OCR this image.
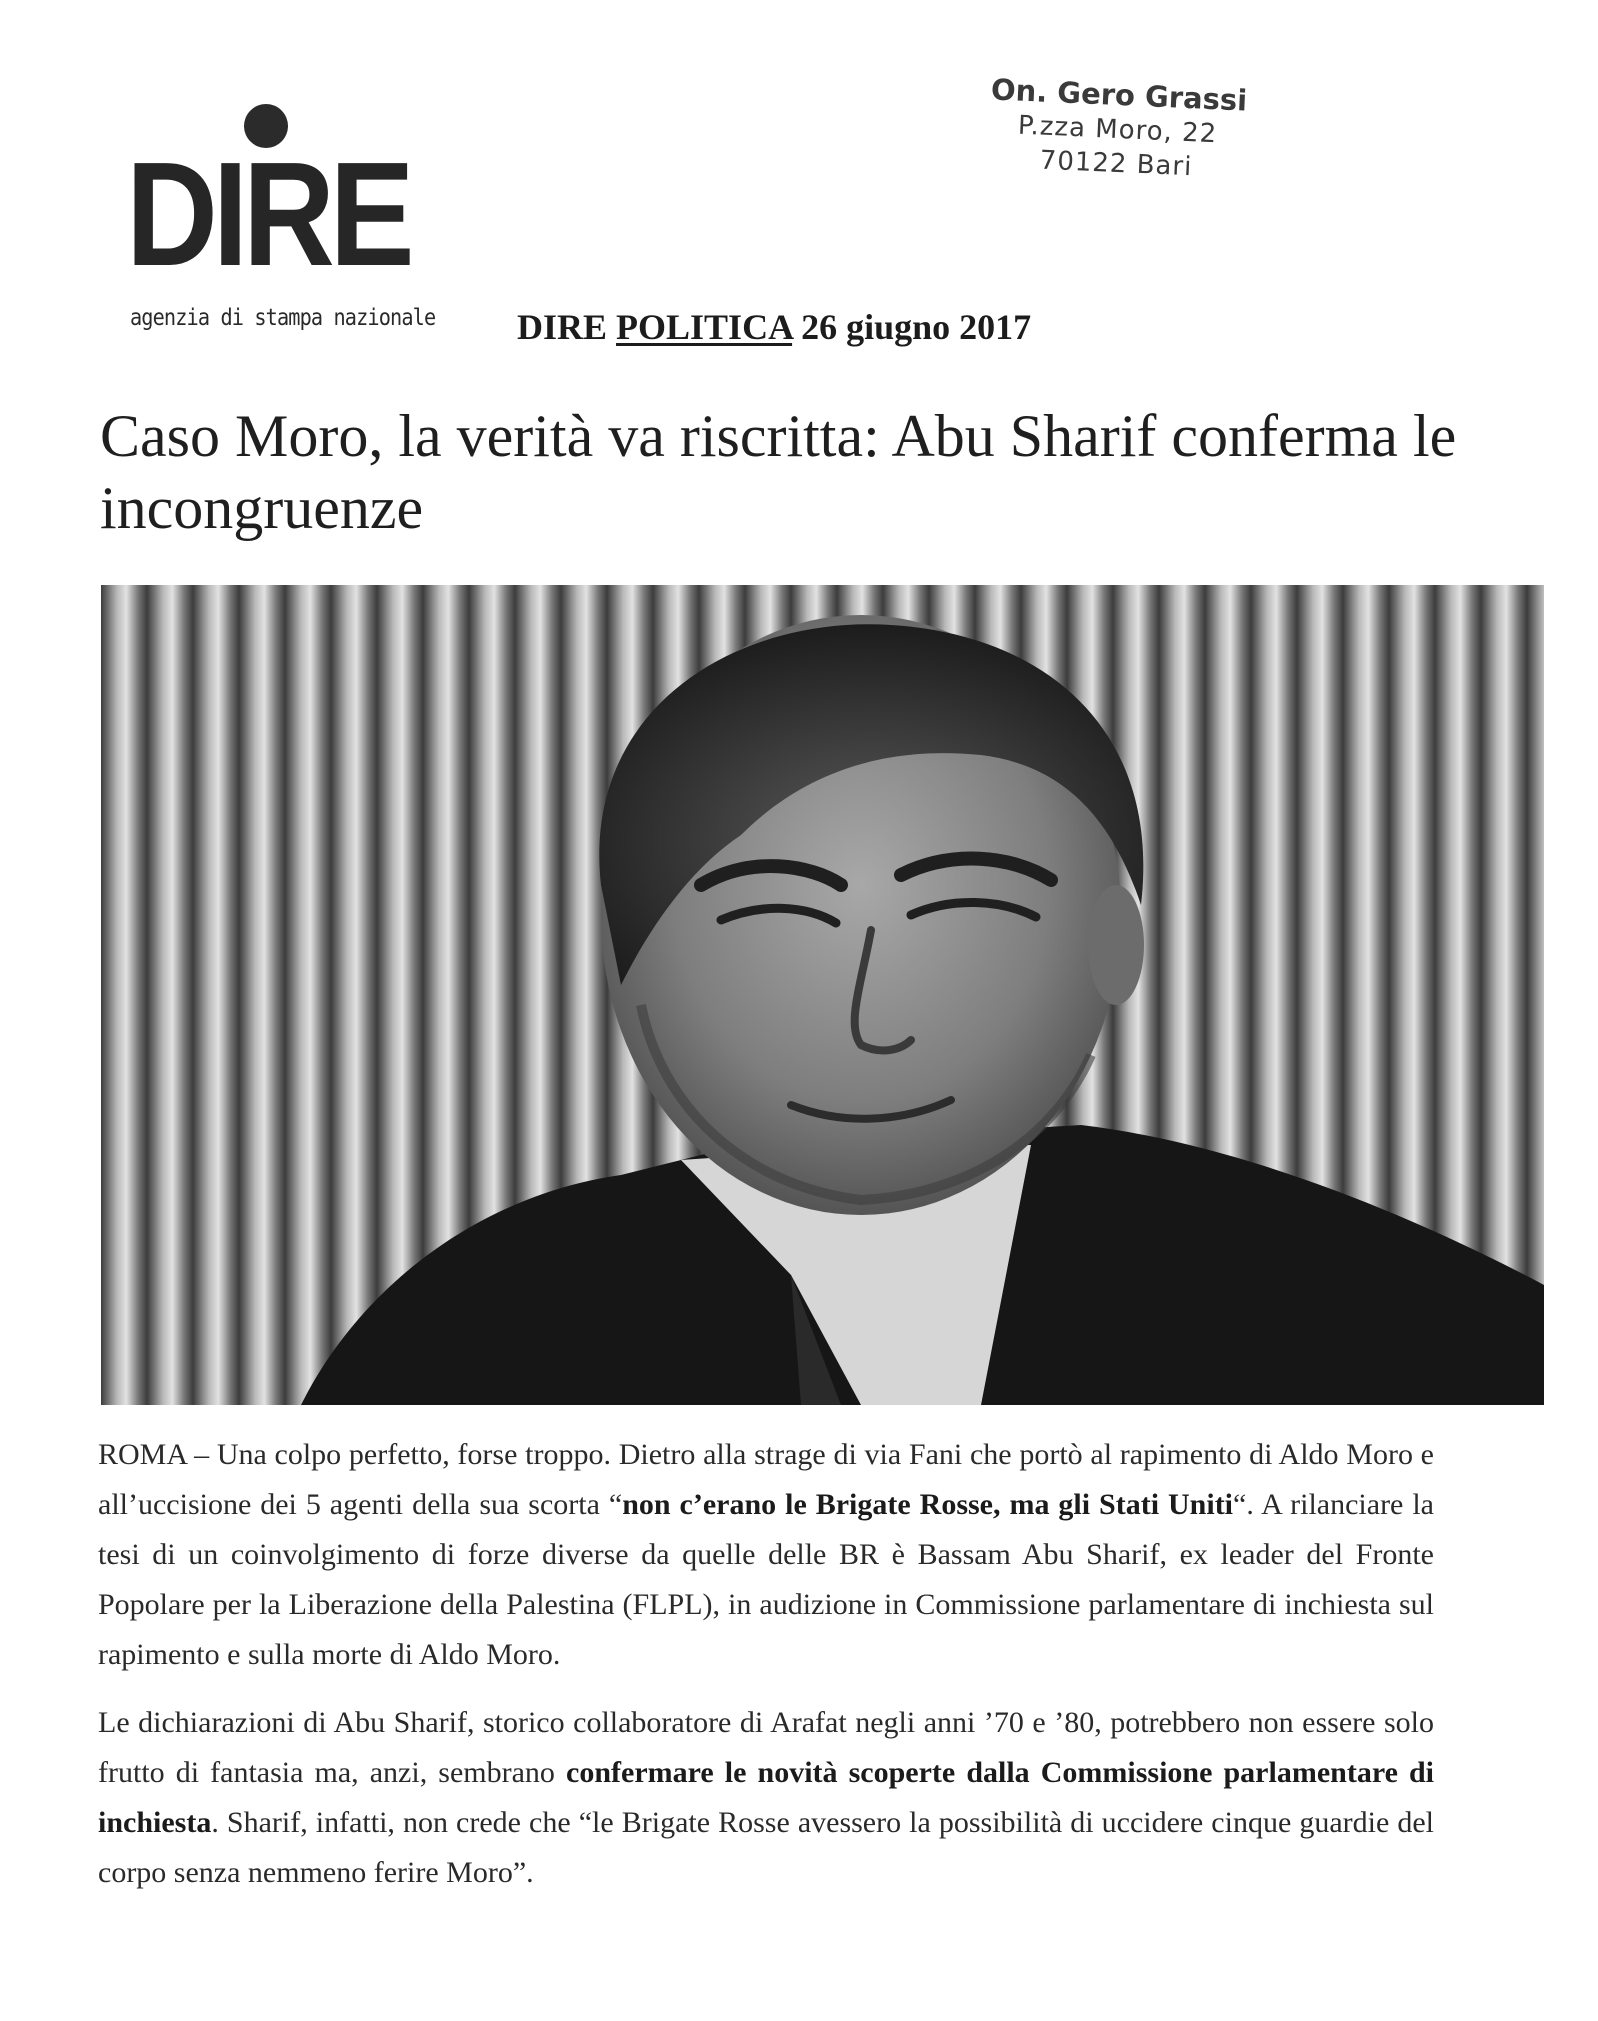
DIRE
agenzia di stampa nazionale
On. Gero Grassi
P.zza Moro, 22
70122 Bari
DIRE POLITICA 26 giugno 2017
Caso Moro, la verità va riscritta: Abu Sharif conferma le incongruenze

ROMA – Una colpo perfetto, forse troppo. Dietro alla strage di via Fani che portò al rapimento di Aldo Moro e all’uccisione dei 5 agenti della sua scorta “non c’erano le Brigate Rosse, ma gli Stati Uniti“. A rilanciare la tesi di un coinvolgimento di forze diverse da quelle delle BR è Bassam Abu Sharif, ex leader del Fronte Popolare per la Liberazione della Palestina (FLPL), in audizione in Commissione parlamentare di inchiesta sul rapimento e sulla morte di Aldo Moro.

Le dichiarazioni di Abu Sharif, storico collaboratore di Arafat negli anni ’70 e ’80, potrebbero non essere solo frutto di fantasia ma, anzi, sembrano confermare le novità scoperte dalla Commissione parlamentare di inchiesta. Sharif, infatti, non crede che “le Brigate Rosse avessero la possibilità di uccidere cinque guardie del corpo senza nemmeno ferire Moro”.
